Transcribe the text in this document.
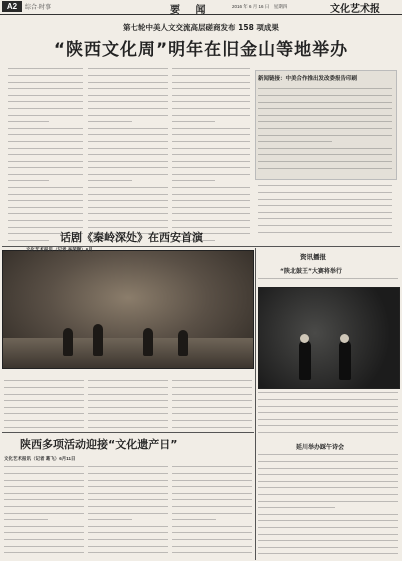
A2	综合·时事	要 闻	2016 年 6 月 16 日　星期四	文化艺术报
第七轮中美人文交流高层磋商发布 158 项成果
“陕西文化周”明年在旧金山等地举办
新闻链接：中美合作推出发改委报告印刷
话剧《秦岭深处》在西安首演
文化艺术报讯（记者 李荣顺）6月
陕西多项活动迎接“文化遗产日”
文化艺术报讯（记者 葛飞）6月11日
资讯播报
“陕北鼓王”大赛将举行
延川举办踩午诗会
